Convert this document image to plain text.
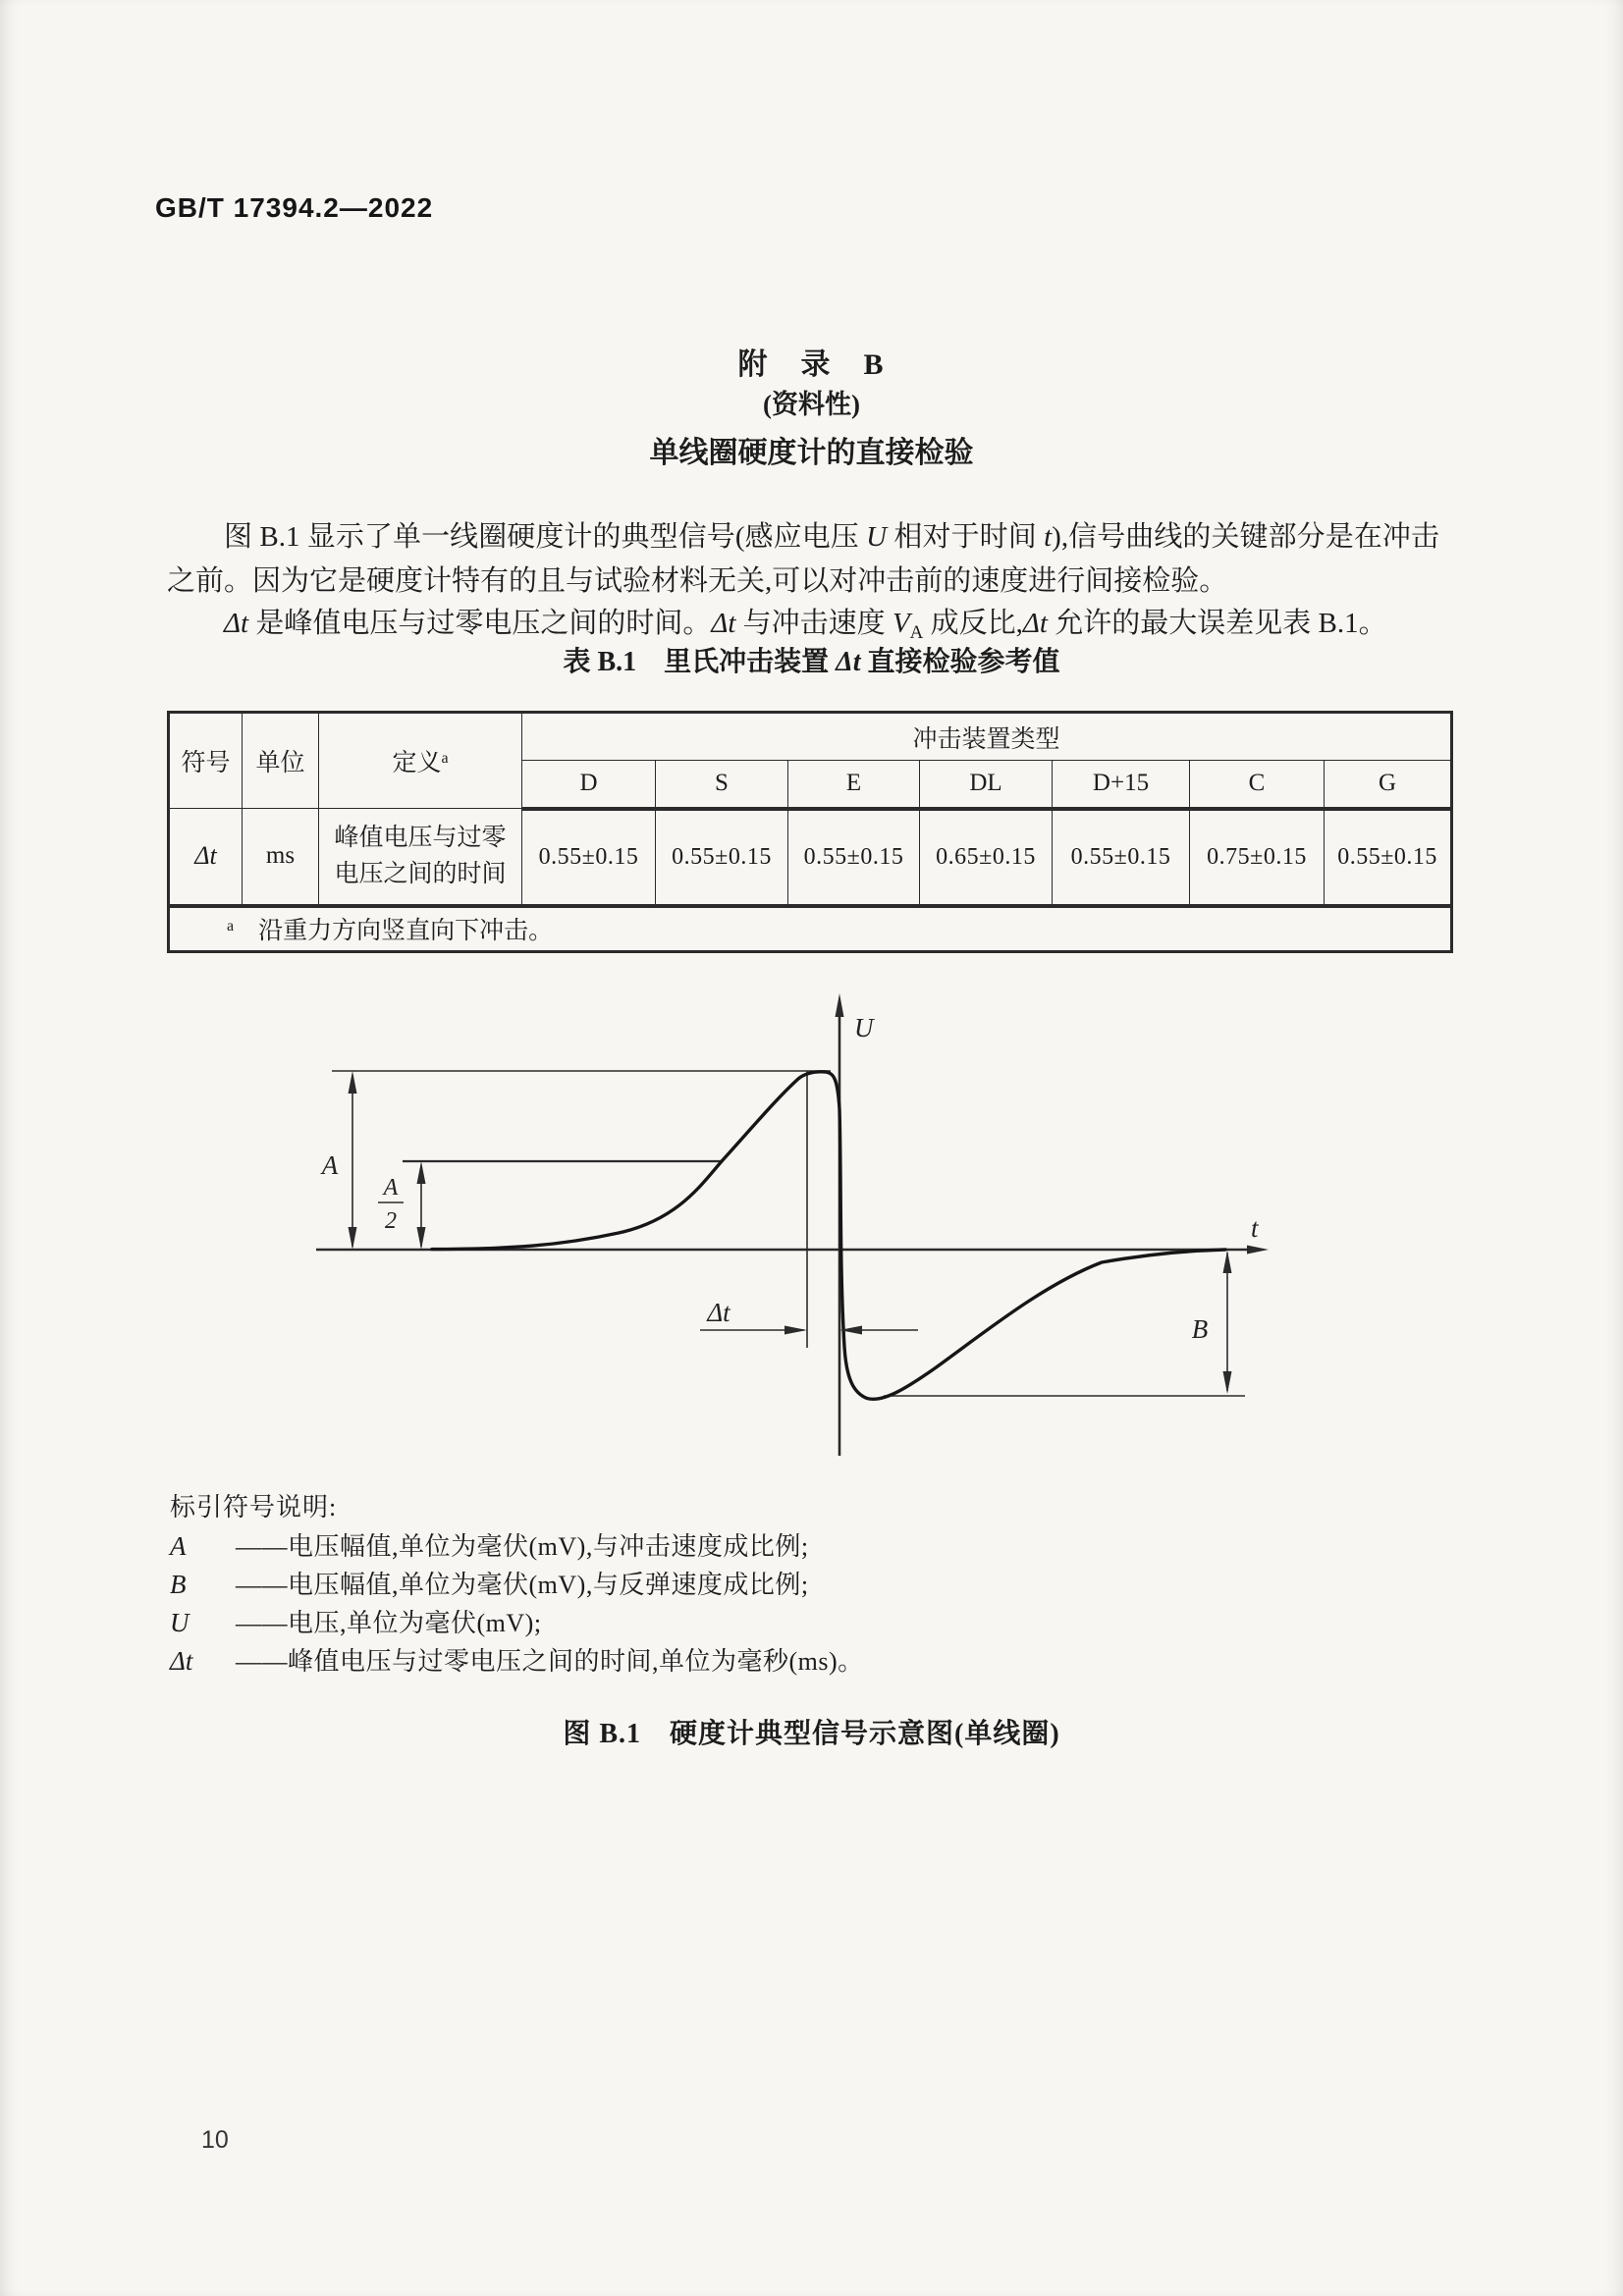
GB/T 17394.2—2022
附　录　B
(资料性)
单线圈硬度计的直接检验

图 B.1 显示了单一线圈硬度计的典型信号(感应电压 U 相对于时间 t),信号曲线的关键部分是在冲击之前。因为它是硬度计特有的且与试验材料无关,可以对冲击前的速度进行间接检验。

Δt 是峰值电压与过零电压之间的时间。Δt 与冲击速度 $V_A$ 成反比,Δt 允许的最大误差见表 B.1。

表 B.1　里氏冲击装置 Δt 直接检验参考值
符号	单位	定义$^a$	冲击装置类型						
			D	S	E	DL	D+15	C	G
Δt	ms	峰值电压与过零
电压之间的时间	0.55±0.15	0.55±0.15	0.55±0.15	0.65±0.15	0.55±0.15	0.75±0.15	0.55±0.15
$^a$　沿重力方向竖直向下冲击。									
U
t
A
A
2
Δt
B
标引符号说明:
A	——电压幅值,单位为毫伏(mV),与冲击速度成比例;
B	——电压幅值,单位为毫伏(mV),与反弹速度成比例;
U	——电压,单位为毫伏(mV);
Δt	——峰值电压与过零电压之间的时间,单位为毫秒(ms)。
图 B.1　硬度计典型信号示意图(单线圈)
10
